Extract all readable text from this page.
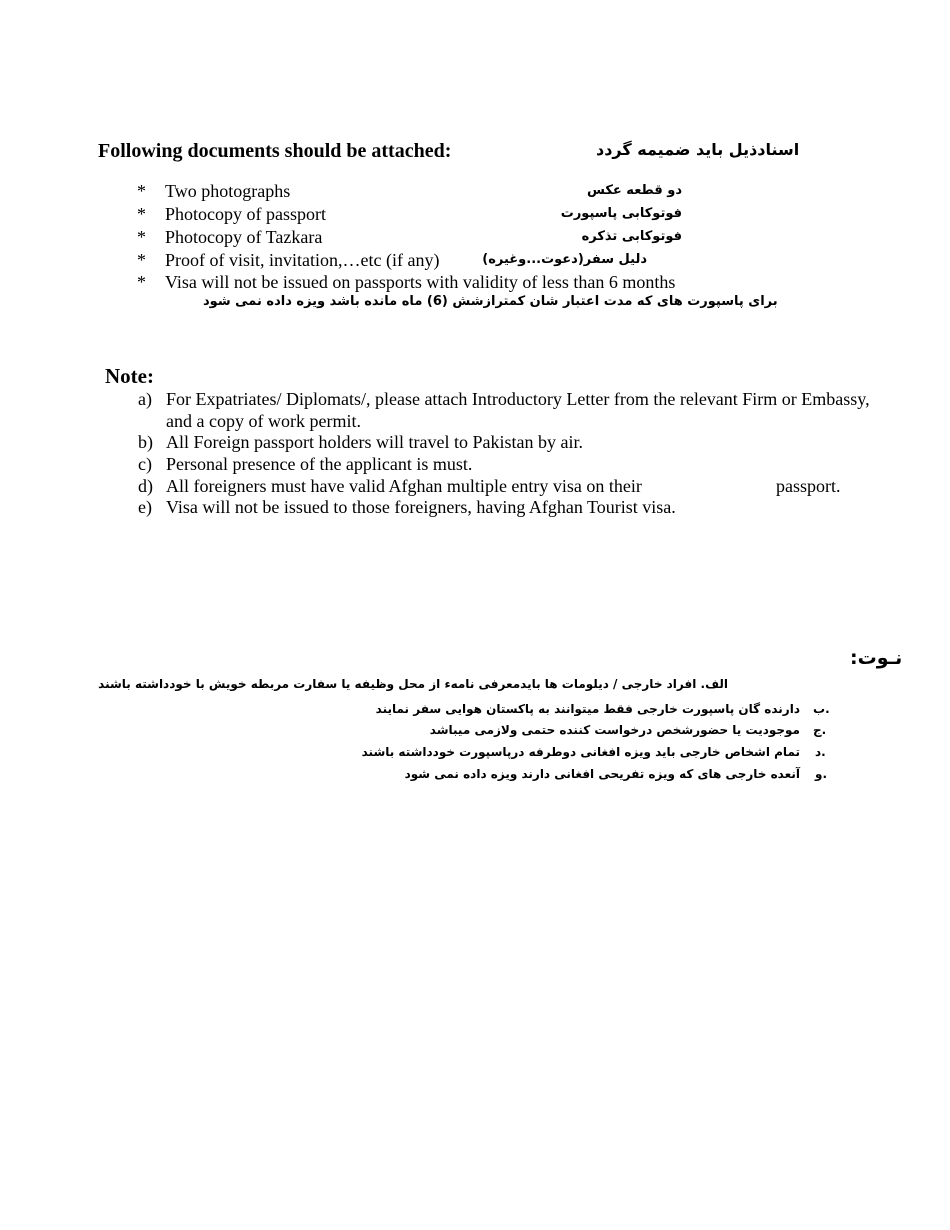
Following documents should be attached:	اسنادذیل باید ضمیمه گردد
* Two photographs	دو قطعه عکس
* Photocopy of passport	فوتوکابی پاسپورت
* Photocopy of Tazkara	فوتوکابی تذکره
* Proof of visit, invitation,…etc (if any)	دلیل سفر(دعوت...وغیره)
* Visa will not be issued on passports with validity of less than 6 months
برای پاسپورت های که مدت اعتبار شان کمترازشش (6) ماه مانده باشد ویزه داده نمی شود
Note:
a) For Expatriates/ Diplomats/, please attach Introductory Letter from the relevant Firm or Embassy,
and a copy of work permit.
b) All Foreign passport holders will travel to Pakistan by air.
c) Personal presence of the applicant is must.
d) All foreigners must have valid Afghan multiple entry visa on their	passport.
e) Visa will not be issued to those foreigners, having Afghan Tourist visa.
نـوت:
الف. افراد خارجی / دیلومات ها بایدمعرفی نامهء از محل وظیفه یا سفارت مربطه خویش با خودداشته باشند
دارنده گان پاسپورت خارجی فقط میتوانند به پاکستان هوایی سفر نمایند ب.
موجودیت یا حضورشخص درخواست کننده حتمی ولازمی میباشد ج.
تمام اشخاص خارجی باید ویزه افغانی دوطرفه درپاسپورت خودداشته باشند د.
آنعده خارجی های که ویزه تفریحی افغانی دارند ویزه داده نمی شود و.
